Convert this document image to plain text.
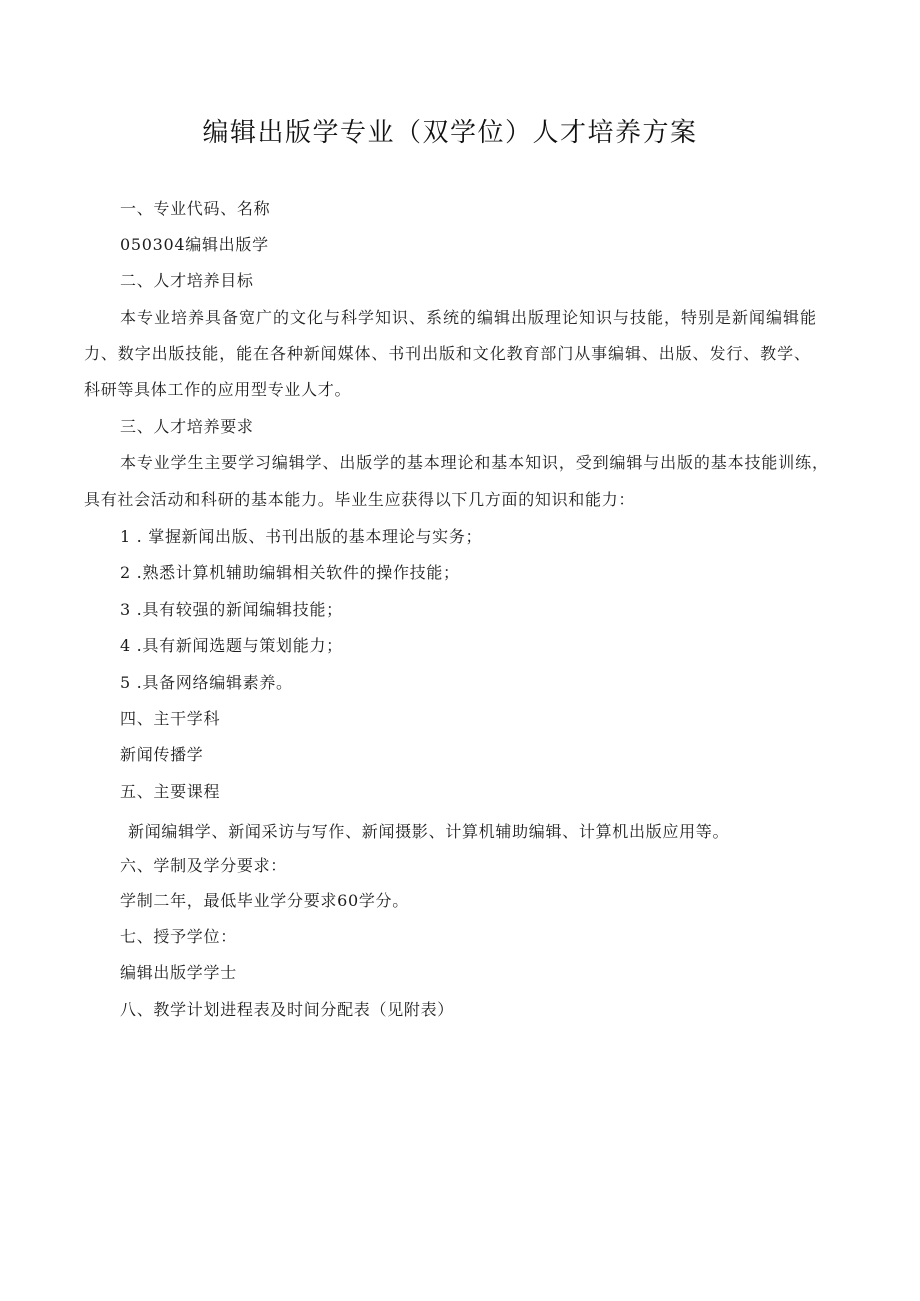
编辑出版学专业（双学位）人才培养方案
一、专业代码、名称
050304编辑出版学
二、人才培养目标
本专业培养具备宽广的文化与科学知识、系统的编辑出版理论知识与技能，特别是新闻编辑能
力、数字出版技能，能在各种新闻媒体、书刊出版和文化教育部门从事编辑、出版、发行、教学、
科研等具体工作的应用型专业人才。
三、人才培养要求
本专业学生主要学习编辑学、出版学的基本理论和基本知识，受到编辑与出版的基本技能训练，
具有社会活动和科研的基本能力。毕业生应获得以下几方面的知识和能力：
1 . 掌握新闻出版、书刊出版的基本理论与实务；
2 .熟悉计算机辅助编辑相关软件的操作技能；
3 .具有较强的新闻编辑技能；
4 .具有新闻选题与策划能力；
5 .具备网络编辑素养。
四、主干学科
新闻传播学
五、主要课程
新闻编辑学、新闻采访与写作、新闻摄影、计算机辅助编辑、计算机出版应用等。
六、学制及学分要求：
学制二年，最低毕业学分要求60学分。
七、授予学位：
编辑出版学学士
八、教学计划进程表及时间分配表（见附表）
